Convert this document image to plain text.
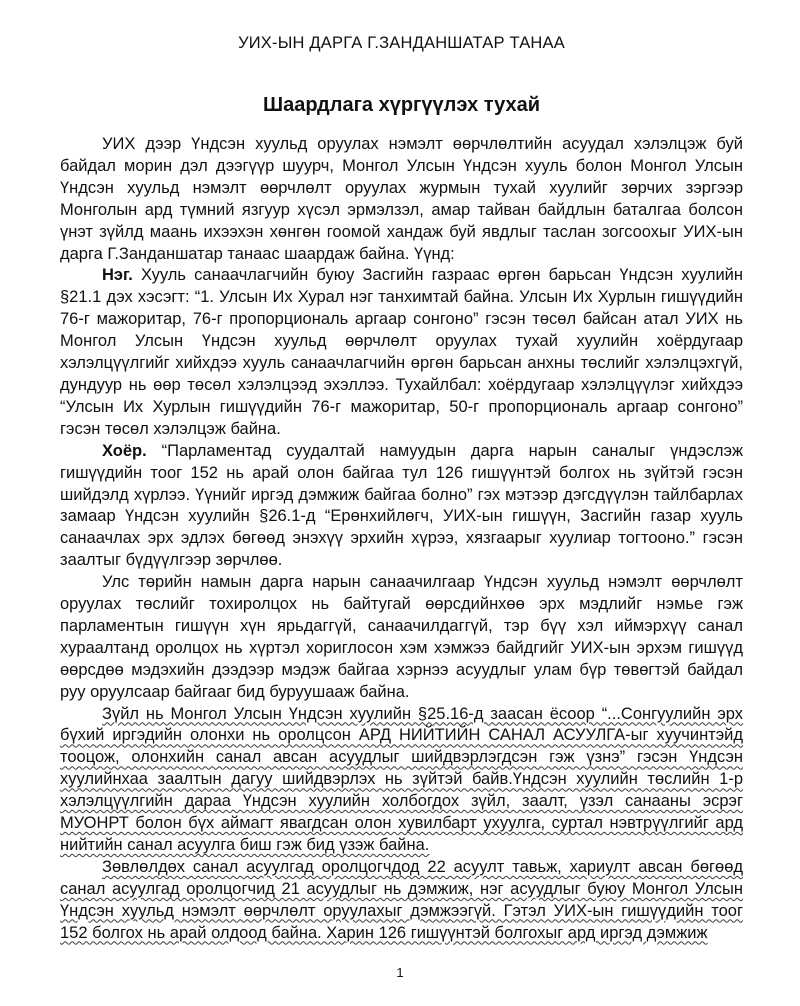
УИХ-ЫН ДАРГА Г.ЗАНДАНШАТАР ТАНАА

Шаардлага хүргүүлэх тухай

УИХ дээр Үндсэн хуульд оруулах нэмэлт өөрчлөлтийн асуудал хэлэлцэж буй байдал морин дэл дээгүүр шуурч, Монгол Улсын Үндсэн хууль болон Монгол Улсын Үндсэн хуульд нэмэлт өөрчлөлт оруулах журмын тухай хуулийг зөрчих зэргээр Монголын ард түмний язгуур хүсэл эрмэлзэл, амар тайван байдлын баталгаа болсон үнэт зүйлд маань ихээхэн хөнгөн гоомой хандаж буй явдлыг таслан зогсоохыг УИХ-ын дарга Г.Занданшатар танаас шаардаж байна. Үүнд:

Нэг. Хууль санаачлагчийн буюу Засгийн газраас өргөн барьсан Үндсэн хуулийн §21.1 дэх хэсэгт: “1. Улсын Их Хурал нэг танхимтай байна. Улсын Их Хурлын гишүүдийн 76-г мажоритар, 76-г пропорциональ аргаар сонгоно” гэсэн төсөл байсан атал УИХ нь Монгол Улсын Үндсэн хуульд өөрчлөлт оруулах тухай хуулийн хоёрдугаар хэлэлцүүлгийг хийхдээ хууль санаачлагчийн өргөн барьсан анхны төслийг хэлэлцэхгүй, дундуур нь өөр төсөл хэлэлцээд эхэллээ. Тухайлбал: хоёрдугаар хэлэлцүүлэг хийхдээ “Улсын Их Хурлын гишүүдийн 76-г мажоритар, 50-г пропорциональ аргаар сонгоно” гэсэн төсөл хэлэлцэж байна.

Хоёр. “Парламентад суудалтай намуудын дарга нарын саналыг үндэслэж гишүүдийн тоог 152 нь арай олон байгаа тул 126 гишүүнтэй болгох нь зүйтэй гэсэн шийдэлд хүрлээ. Үүнийг иргэд дэмжиж байгаа болно” гэх мэтээр дэгсдүүлэн тайлбарлах замаар Үндсэн хуулийн §26.1-д “Ерөнхийлөгч, УИХ-ын гишүүн, Засгийн газар хууль санаачлах эрх эдлэх бөгөөд энэхүү эрхийн хүрээ, хязгаарыг хуулиар тогтооно.” гэсэн заалтыг бүдүүлгээр зөрчлөө.

Улс төрийн намын дарга нарын санаачилгаар Үндсэн хуульд нэмэлт өөрчлөлт оруулах төслийг тохиролцох нь байтугай өөрсдийнхөө эрх мэдлийг нэмье гэж парламентын гишүүн хүн ярьдаггүй, санаачилдаггүй, тэр бүү хэл иймэрхүү санал хураалтанд оролцох нь хүртэл хориглосон хэм хэмжээ байдгийг УИХ-ын эрхэм гишүүд өөрсдөө мэдэхийн дээдээр мэдэж байгаа хэрнээ асуудлыг улам бүр төвөгтэй байдал руу оруулсаар байгааг бид буруушааж байна.

Зүйл нь Монгол Улсын Үндсэн хуулийн §25.16-д заасан ёсоор “...Сонгуулийн эрх бүхий иргэдийн олонхи нь оролцсон АРД НИЙТИЙН САНАЛ АСУУЛГА-ыг хуучинтэйд тооцож, олонхийн санал авсан асуудлыг шийдвэрлэгдсэн гэж үзнэ” гэсэн Үндсэн хуулийнхаа заалтын дагуу шийдвэрлэх нь зүйтэй байв.Үндсэн хуулийн төслийн 1-р хэлэлцүүлгийн дараа Үндсэн хуулийн холбогдох зүйл, заалт, үзэл санааны эсрэг МУОНРТ болон бүх аймагт явагдсан олон хувилбарт ухуулга, суртал нэвтрүүлгийг ард нийтийн санал асуулга биш гэж бид үзэж байна.

Зөвлөлдөх санал асуулгад оролцогчдод 22 асуулт тавьж, хариулт авсан бөгөөд санал асуулгад оролцогчид 21 асуудлыг нь дэмжиж, нэг асуудлыг буюу Монгол Улсын Үндсэн хуульд нэмэлт өөрчлөлт оруулахыг дэмжээгүй. Гэтэл УИХ-ын гишүүдийн тоог 152 болгох нь арай олдоод байна. Харин 126 гишүүнтэй болгохыг ард иргэд дэмжиж

1
